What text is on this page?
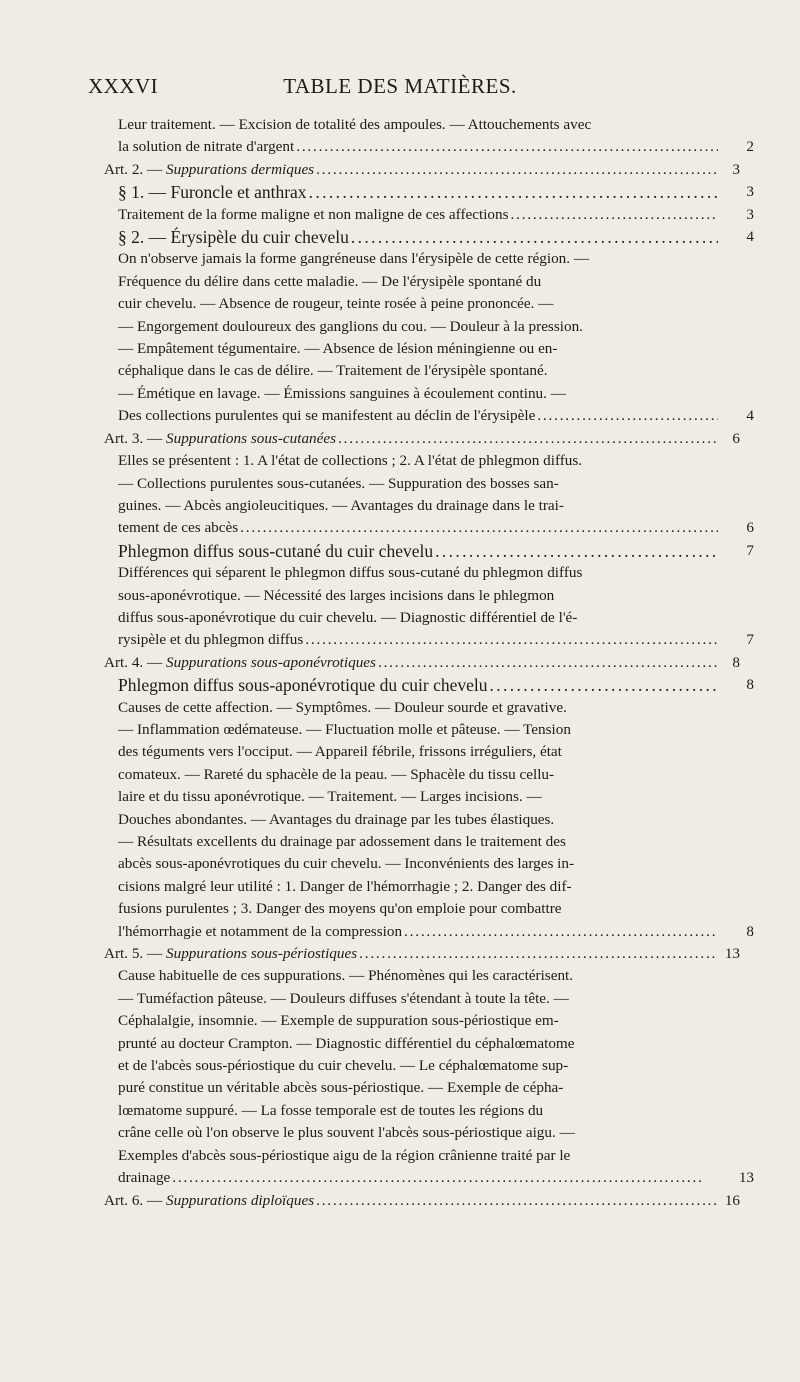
XXXVI	TABLE DES MATIÈRES.
Leur traitement. — Excision de totalité des ampoules. — Attouchements avec
la solution de nitrate d'argent . . .	2
Art. 2. — Suppurations dermiques . . .	3
§ 1. — Furoncle et anthrax . . .	3
Traitement de la forme maligne et non maligne de ces affections . . .	3
§ 2. — Érysipèle du cuir chevelu . . .	4
On n'observe jamais la forme gangréneuse dans l'érysipèle de cette région. —
Fréquence du délire dans cette maladie. — De l'érysipèle spontané du
cuir chevelu. — Absence de rougeur, teinte rosée à peine prononcée. —
— Engorgement douloureux des ganglions du cou. — Douleur à la pression.
— Empâtement tégumentaire. — Absence de lésion méningienne ou en-
céphalique dans le cas de délire. — Traitement de l'érysipèle spontané.
— Émétique en lavage. — Émissions sanguines à écoulement continu. —
Des collections purulentes qui se manifestent au déclin de l'érysipèle . . .	4
Art. 3. — Suppurations sous-cutanées . . .	6
Elles se présentent : 1. A l'état de collections ; 2. A l'état de phlegmon diffus.
— Collections purulentes sous-cutanées. — Suppuration des bosses san-
guines. — Abcès angioleucitiques. — Avantages du drainage dans le trai-
tement de ces abcès . . .	6
Phlegmon diffus sous-cutané du cuir chevelu . . .	7
Différences qui séparent le phlegmon diffus sous-cutané du phlegmon diffus
sous-aponévrotique. — Nécessité des larges incisions dans le phlegmon
diffus sous-aponévrotique du cuir chevelu. — Diagnostic différentiel de l'é-
rysipèle et du phlegmon diffus . . .	7
Art. 4. — Suppurations sous-aponévrotiques . . .	8
Phlegmon diffus sous-aponévrotique du cuir chevelu . . .	8
Causes de cette affection. — Symptômes. — Douleur sourde et gravative.
— Inflammation œdémateuse. — Fluctuation molle et pâteuse. — Tension
des téguments vers l'occiput. — Appareil fébrile, frissons irréguliers, état
comateux. — Rareté du sphacèle de la peau. — Sphacèle du tissu cellu-
laire et du tissu aponévrotique. — Traitement. — Larges incisions. —
Douches abondantes. — Avantages du drainage par les tubes élastiques.
— Résultats excellents du drainage par adossement dans le traitement des
abcès sous-aponévrotiques du cuir chevelu. — Inconvénients des larges in-
cisions malgré leur utilité : 1. Danger de l'hémorrhagie ; 2. Danger des dif-
fusions purulentes ; 3. Danger des moyens qu'on emploie pour combattre
l'hémorrhagie et notamment de la compression . . .	8
Art. 5. — Suppurations sous-périostiques . . .	13
Cause habituelle de ces suppurations. — Phénomènes qui les caractérisent.
— Tuméfaction pâteuse. — Douleurs diffuses s'étendant à toute la tête. —
Céphalalgie, insomnie. — Exemple de suppuration sous-périostique em-
prunté au docteur Crampton. — Diagnostic différentiel du céphalœmatome
et de l'abcès sous-périostique du cuir chevelu. — Le céphalœmatome sup-
puré constitue un véritable abcès sous-périostique. — Exemple de cépha-
lœmatome suppuré. — La fosse temporale est de toutes les régions du
crâne celle où l'on observe le plus souvent l'abcès sous-périostique aigu. —
Exemples d'abcès sous-périostique aigu de la région crânienne traité par le
drainage . . .	13
Art. 6. — Suppurations diploïques . . .	16
